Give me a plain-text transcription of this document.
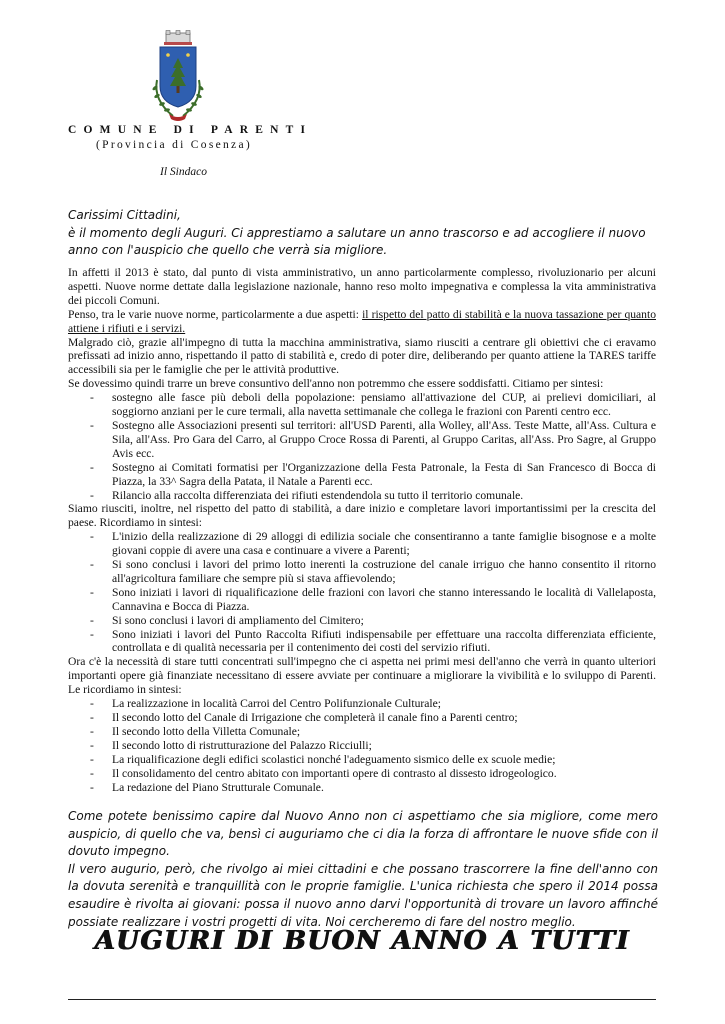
COMUNE DI PARENTI
(Provincia di Cosenza)
Il Sindaco

Carissimi Cittadini,

è il momento degli Auguri. Ci apprestiamo a salutare un anno trascorso e ad accogliere il nuovo anno con l'auspicio che quello che verrà sia migliore.

In affetti il 2013 è stato, dal punto di vista amministrativo, un anno particolarmente complesso, rivoluzionario per alcuni aspetti. Nuove norme dettate dalla legislazione nazionale, hanno reso molto impegnativa e complessa la vita amministrativa dei piccoli Comuni.

Penso, tra le varie nuove norme, particolarmente a due aspetti: il rispetto del patto di stabilità e la nuova tassazione per quanto attiene i rifiuti e i servizi.

Malgrado ciò, grazie all'impegno di tutta la macchina amministrativa, siamo riusciti a centrare gli obiettivi che ci eravamo prefissati ad inizio anno, rispettando il patto di stabilità e, credo di poter dire, deliberando per quanto attiene la TARES tariffe accessibili sia per le famiglie che per le attività produttive.

Se dovessimo quindi trarre un breve consuntivo dell'anno non potremmo che essere soddisfatti. Citiamo per sintesi:

- sostegno alle fasce più deboli della popolazione: pensiamo all'attivazione del CUP, ai prelievi domiciliari, al soggiorno anziani per le cure termali, alla navetta settimanale che collega le frazioni con Parenti centro ecc.
- Sostegno alle Associazioni presenti sul territori: all'USD Parenti, alla Wolley, all'Ass. Teste Matte, all'Ass. Cultura e Sila, all'Ass. Pro Gara del Carro, al Gruppo Croce Rossa di Parenti, al Gruppo Caritas, all'Ass. Pro Sagre, al Gruppo Avis ecc.
- Sostegno ai Comitati formatisi per l'Organizzazione della Festa Patronale, la Festa di San Francesco di Bocca di Piazza, la 33^ Sagra della Patata, il Natale a Parenti ecc.
- Rilancio alla raccolta differenziata dei rifiuti estendendola su tutto il territorio comunale.

Siamo riusciti, inoltre, nel rispetto del patto di stabilità, a dare inizio e completare lavori importantissimi per la crescita del paese. Ricordiamo in sintesi:

- L'inizio della realizzazione di 29 alloggi di edilizia sociale che consentiranno a tante famiglie bisognose e a molte giovani coppie di avere una casa e continuare a vivere a Parenti;
- Si sono conclusi i lavori del primo lotto inerenti la costruzione del canale irriguo che hanno consentito il ritorno all'agricoltura familiare che sempre più si stava affievolendo;
- Sono iniziati i lavori di riqualificazione delle frazioni con lavori che stanno interessando le località di Vallelaposta, Cannavina e Bocca di Piazza.
- Si sono conclusi i lavori di ampliamento del Cimitero;
- Sono iniziati i lavori del Punto Raccolta Rifiuti indispensabile per effettuare una raccolta differenziata efficiente, controllata e di qualità necessaria per il contenimento dei costi del servizio rifiuti.

Ora c'è la necessità di stare tutti concentrati sull'impegno che ci aspetta nei primi mesi dell'anno che verrà in quanto ulteriori importanti opere già finanziate necessitano di essere avviate per continuare a migliorare la vivibilità e lo sviluppo di Parenti. Le ricordiamo in sintesi:

- La realizzazione in località Carroi del Centro Polifunzionale Culturale;
- Il secondo lotto del Canale di Irrigazione che completerà il canale fino a Parenti centro;
- Il secondo lotto della Villetta Comunale;
- Il secondo lotto di ristrutturazione del Palazzo Ricciulli;
- La riqualificazione degli edifici scolastici nonché l'adeguamento sismico delle ex scuole medie;
- Il consolidamento del centro abitato con importanti opere di contrasto al dissesto idrogeologico.
- La redazione del Piano Strutturale Comunale.

Come potete benissimo capire dal Nuovo Anno non ci aspettiamo che sia migliore, come mero auspicio, di quello che va, bensì ci auguriamo che ci dia la forza di affrontare le nuove sfide con il dovuto impegno.

Il vero augurio, però, che rivolgo ai miei cittadini e che possano trascorrere la fine dell'anno con la dovuta serenità e tranquillità con le proprie famiglie. L'unica richiesta che spero il 2014 possa esaudire è rivolta ai giovani: possa il nuovo anno darvi l'opportunità di trovare un lavoro affinché possiate realizzare i vostri progetti di vita. Noi cercheremo di fare del nostro meglio.

AUGURI DI BUON ANNO A TUTTI
